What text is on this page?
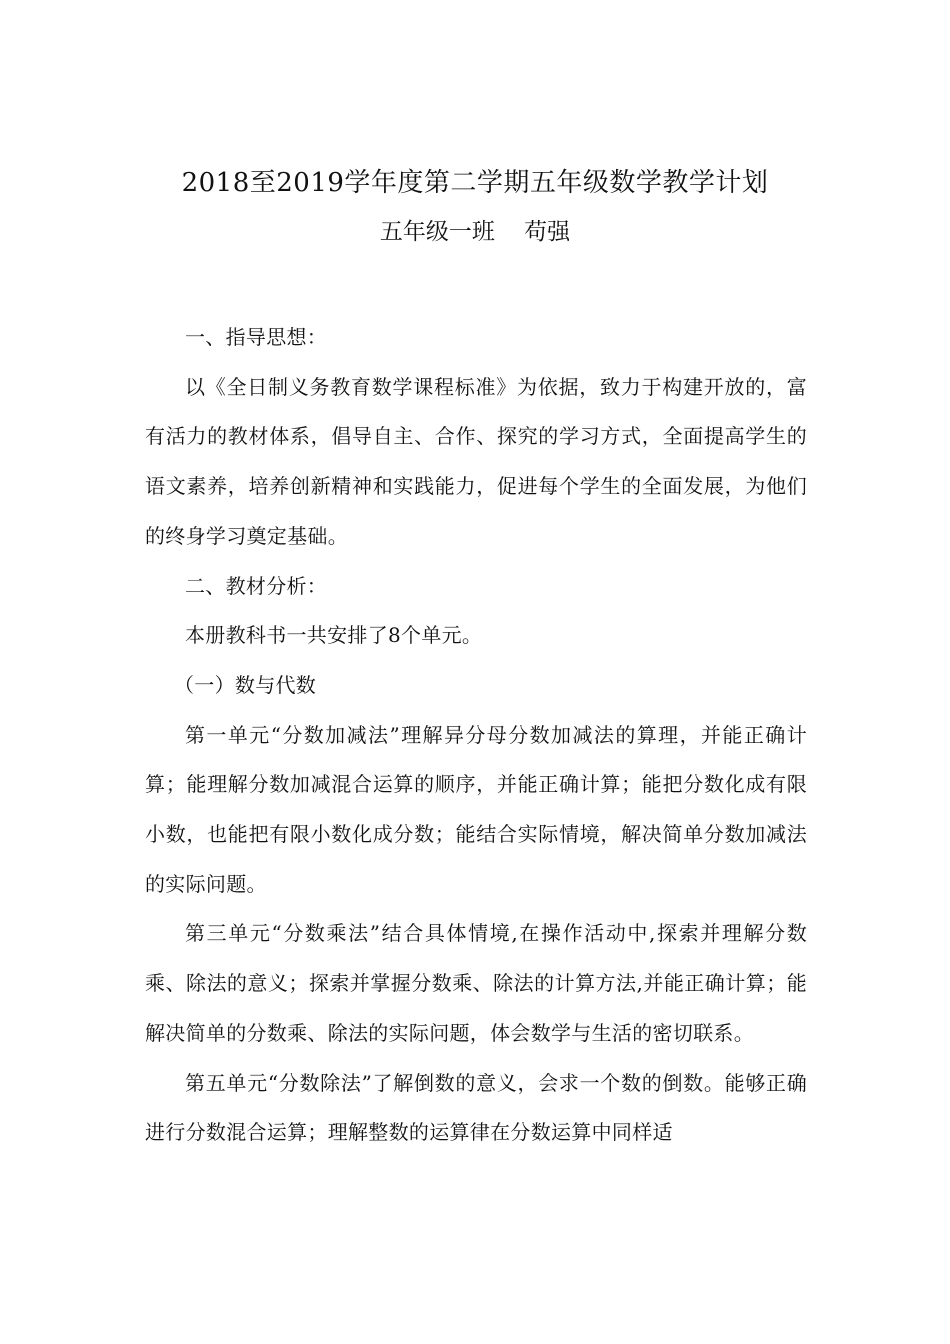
2018至2019学年度第二学期五年级数学教学计划
五年级一班    苟强

一、指导思想：

以《全日制义务教育数学课程标准》为依据，致力于构建开放的，富有活力的教材体系，倡导自主、合作、探究的学习方式，全面提高学生的语文素养，培养创新精神和实践能力，促进每个学生的全面发展，为他们的终身学习奠定基础。

二、教材分析：

本册教科书一共安排了8个单元。

（一）数与代数

第一单元“分数加减法”理解异分母分数加减法的算理，并能正确计算；能理解分数加减混合运算的顺序，并能正确计算；能把分数化成有限小数，也能把有限小数化成分数；能结合实际情境，解决简单分数加减法的实际问题。

第三单元“分数乘法”结合具体情境,在操作活动中,探索并理解分数乘、除法的意义；探索并掌握分数乘、除法的计算方法,并能正确计算；能解决简单的分数乘、除法的实际问题，体会数学与生活的密切联系。

第五单元“分数除法”了解倒数的意义，会求一个数的倒数。能够正确进行分数混合运算；理解整数的运算律在分数运算中同样适
